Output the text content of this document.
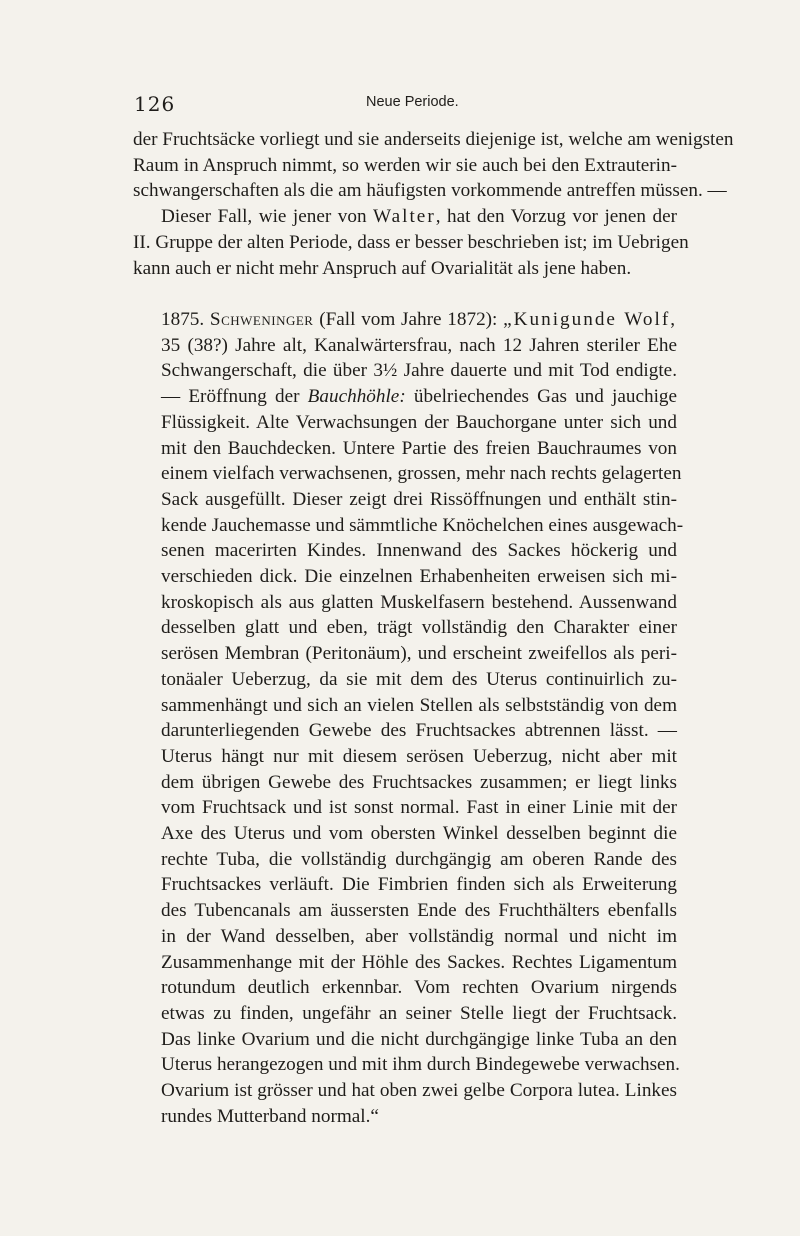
126	Neue Periode.
der Fruchtsäcke vorliegt und sie anderseits diejenige ist, welche am wenigsten
Raum in Anspruch nimmt, so werden wir sie auch bei den Extrauterin-
schwangerschaften als die am häufigsten vorkommende antreffen müssen. —
Dieser Fall, wie jener von Walter, hat den Vorzug vor jenen der
II. Gruppe der alten Periode, dass er besser beschrieben ist; im Uebrigen
kann auch er nicht mehr Anspruch auf Ovarialität als jene haben.
1875. Schweninger (Fall vom Jahre 1872): „Kunigunde Wolf,
35 (38?) Jahre alt, Kanalwärtersfrau, nach 12 Jahren steriler Ehe
Schwangerschaft, die über 3½ Jahre dauerte und mit Tod endigte.
— Eröffnung der Bauchhöhle: übelriechendes Gas und jauchige
Flüssigkeit. Alte Verwachsungen der Bauchorgane unter sich und
mit den Bauchdecken. Untere Partie des freien Bauchraumes von
einem vielfach verwachsenen, grossen, mehr nach rechts gelagerten
Sack ausgefüllt. Dieser zeigt drei Rissöffnungen und enthält stin-
kende Jauchemasse und sämmtliche Knöchelchen eines ausgewach-
senen macerirten Kindes. Innenwand des Sackes höckerig und
verschieden dick. Die einzelnen Erhabenheiten erweisen sich mi-
kroskopisch als aus glatten Muskelfasern bestehend. Aussenwand
desselben glatt und eben, trägt vollständig den Charakter einer
serösen Membran (Peritonäum), und erscheint zweifellos als peri-
tonäaler Ueberzug, da sie mit dem des Uterus continuirlich zu-
sammenhängt und sich an vielen Stellen als selbstständig von dem
darunterliegenden Gewebe des Fruchtsackes abtrennen lässt. —
Uterus hängt nur mit diesem serösen Ueberzug, nicht aber mit
dem übrigen Gewebe des Fruchtsackes zusammen; er liegt links
vom Fruchtsack und ist sonst normal. Fast in einer Linie mit der
Axe des Uterus und vom obersten Winkel desselben beginnt die
rechte Tuba, die vollständig durchgängig am oberen Rande des
Fruchtsackes verläuft. Die Fimbrien finden sich als Erweiterung
des Tubencanals am äussersten Ende des Fruchthälters ebenfalls
in der Wand desselben, aber vollständig normal und nicht im
Zusammenhange mit der Höhle des Sackes. Rechtes Ligamentum
rotundum deutlich erkennbar. Vom rechten Ovarium nirgends
etwas zu finden, ungefähr an seiner Stelle liegt der Fruchtsack.
Das linke Ovarium und die nicht durchgängige linke Tuba an den
Uterus herangezogen und mit ihm durch Bindegewebe verwachsen.
Ovarium ist grösser und hat oben zwei gelbe Corpora lutea. Linkes
rundes Mutterband normal.“
